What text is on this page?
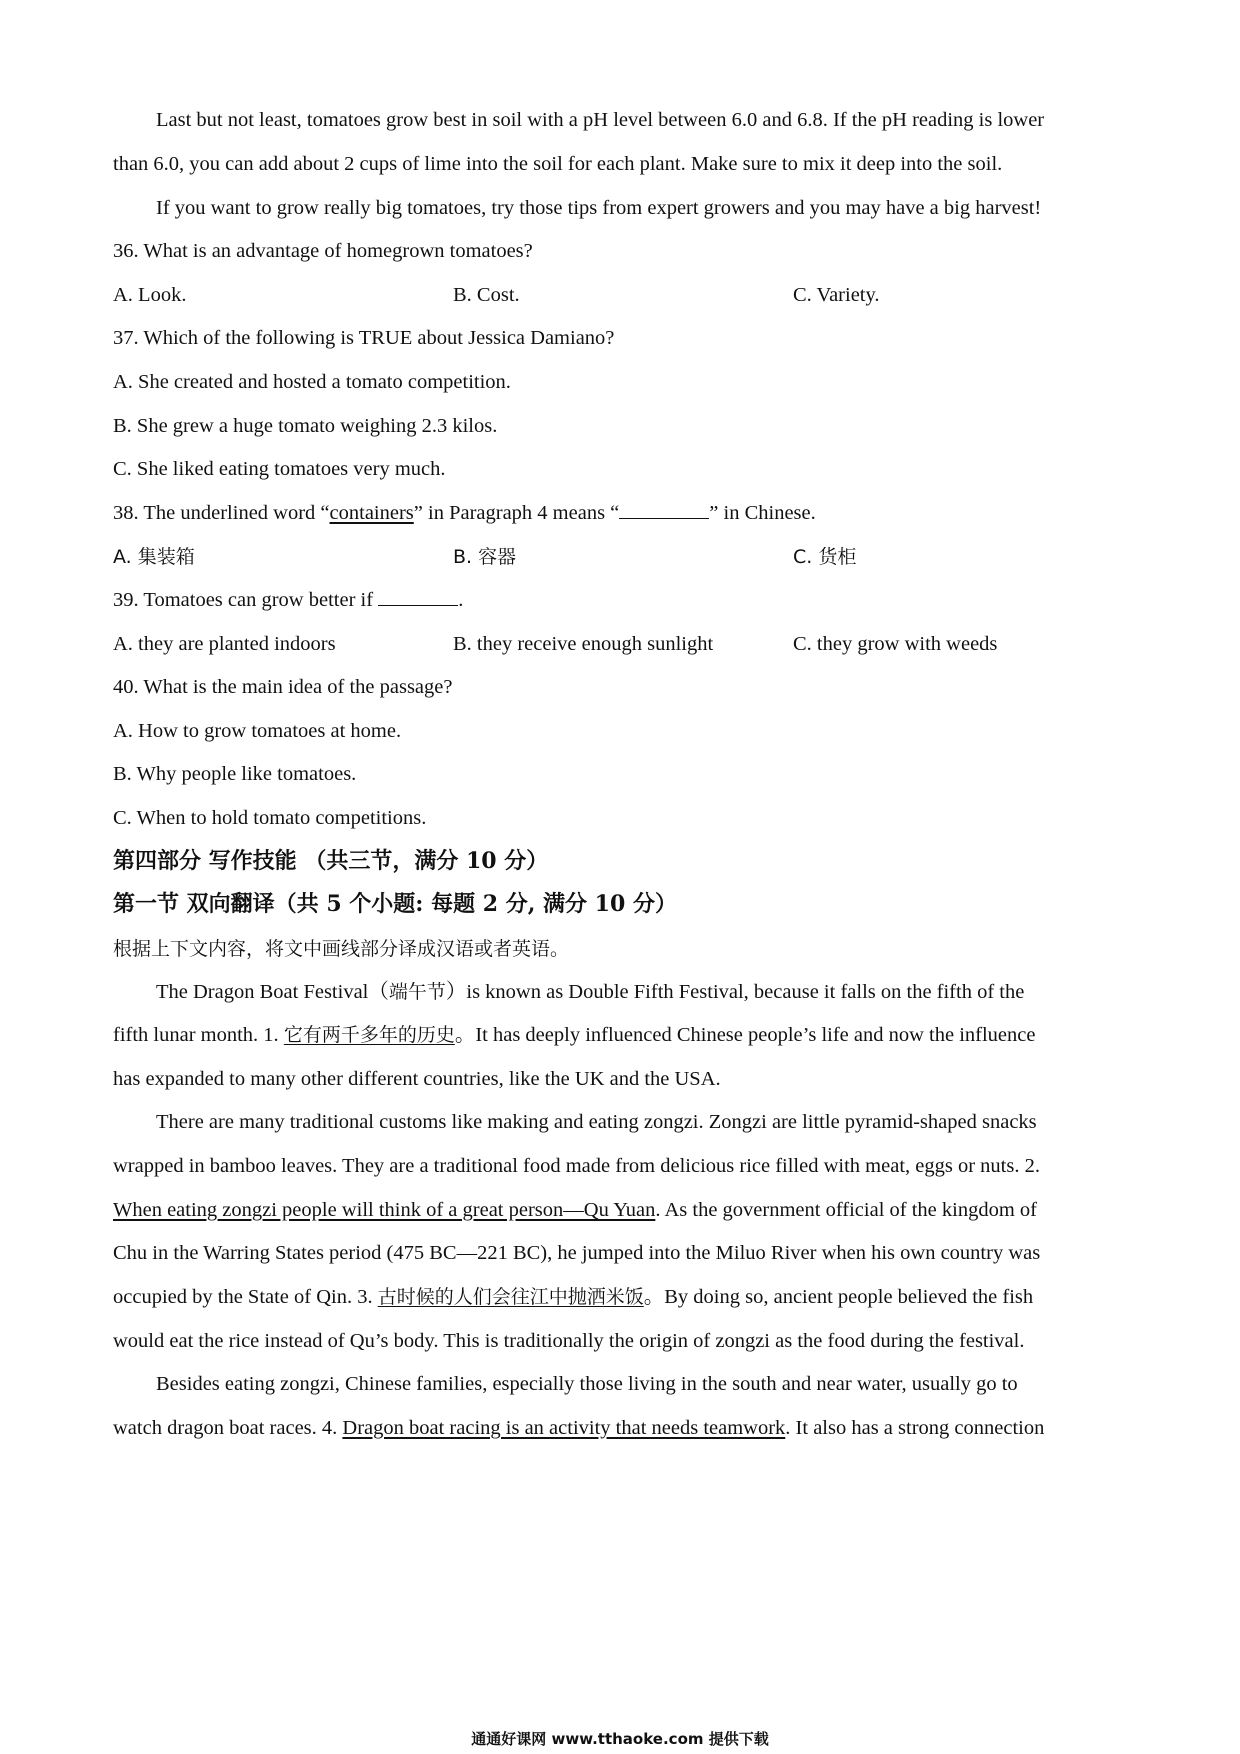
Last but not least, tomatoes grow best in soil with a pH level between 6.0 and 6.8. If the pH reading is lower
than 6.0, you can add about 2 cups of lime into the soil for each plant. Make sure to mix it deep into the soil.
If you want to grow really big tomatoes, try those tips from expert growers and you may have a big harvest!
36. What is an advantage of homegrown tomatoes?
A. Look.	B. Cost.	C. Variety.
37. Which of the following is TRUE about Jessica Damiano?
A. She created and hosted a tomato competition.
B. She grew a huge tomato weighing 2.3 kilos.
C. She liked eating tomatoes very much.
38. The underlined word “containers” in Paragraph 4 means “	” in Chinese.
A. 集装箱	B. 容器	C. 货柜
39. Tomatoes can grow better if	.
A. they are planted indoors	B. they receive enough sunlight	C. they grow with weeds
40. What is the main idea of the passage?
A. How to grow tomatoes at home.
B. Why people like tomatoes.
C. When to hold tomato competitions.
第四部分 写作技能 （共三节，满分 10 分）
第一节 双向翻译（共 5 个小题: 每题 2 分, 满分 10 分）
根据上下文内容，将文中画线部分译成汉语或者英语。
The Dragon Boat Festival（端午节）is known as Double Fifth Festival, because it falls on the fifth of the
fifth lunar month. 1. 它有两千多年的历史。It has deeply influenced Chinese people’s life and now the influence
has expanded to many other different countries, like the UK and the USA.
There are many traditional customs like making and eating zongzi. Zongzi are little pyramid-shaped snacks
wrapped in bamboo leaves. They are a traditional food made from delicious rice filled with meat, eggs or nuts. 2.
When eating zongzi people will think of a great person—Qu Yuan. As the government official of the kingdom of
Chu in the Warring States period (475 BC—221 BC), he jumped into the Miluo River when his own country was
occupied by the State of Qin. 3. 古时候的人们会往江中抛洒米饭。By doing so, ancient people believed the fish
would eat the rice instead of Qu’s body. This is traditionally the origin of zongzi as the food during the festival.
Besides eating zongzi, Chinese families, especially those living in the south and near water, usually go to
watch dragon boat races. 4. Dragon boat racing is an activity that needs teamwork. It also has a strong connection
通通好课网 www.tthaoke.com 提供下载
